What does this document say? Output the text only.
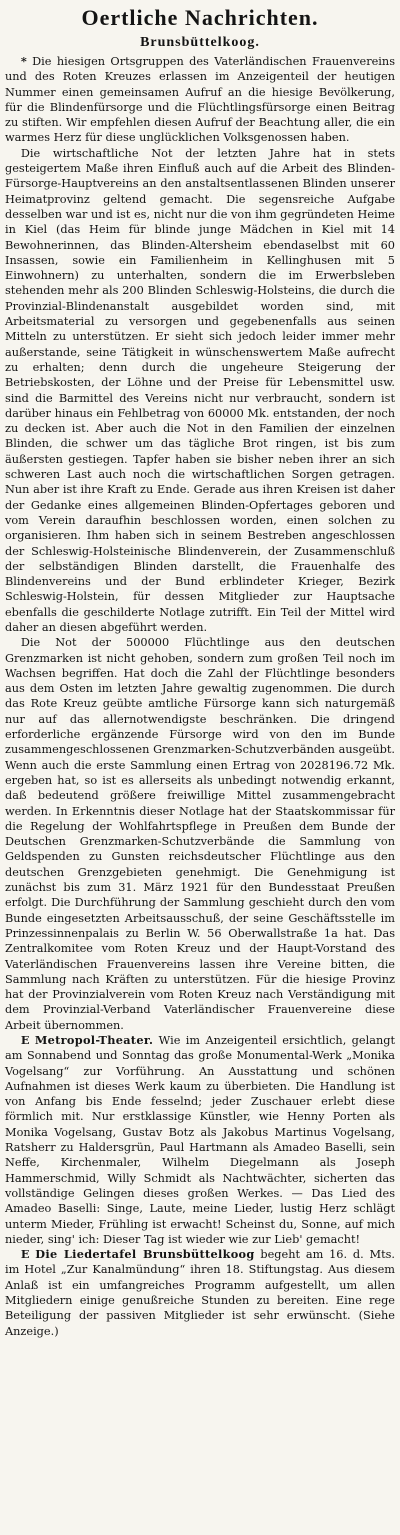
Oertliche Nachrichten.
Brunsbüttelkoog.

* Die hiesigen Ortsgruppen des Vaterländischen Frauenvereins und des Roten Kreuzes erlassen im Anzeigenteil der heutigen Nummer einen gemeinsamen Aufruf an die hiesige Bevölkerung, für die Blindenfürsorge und die Flüchtlingsfürsorge einen Beitrag zu stiften. Wir empfehlen diesen Aufruf der Beachtung aller, die ein warmes Herz für diese unglücklichen Volksgenossen haben.

Die wirtschaftliche Not der letzten Jahre hat in stets gesteigertem Maße ihren Einfluß auch auf die Arbeit des Blinden-Fürsorge-Hauptvereins an den anstaltsentlassenen Blinden unserer Heimatprovinz geltend gemacht. Die segensreiche Aufgabe desselben war und ist es, nicht nur die von ihm gegründeten Heime in Kiel (das Heim für blinde junge Mädchen in Kiel mit 14 Bewohnerinnen, das Blinden-Altersheim ebendaselbst mit 60 Insassen, sowie ein Familienheim in Kellinghusen mit 5 Einwohnern) zu unterhalten, sondern die im Erwerbsleben stehenden mehr als 200 Blinden Schleswig-Holsteins, die durch die Provinzial-Blindenanstalt ausgebildet worden sind, mit Arbeitsmaterial zu versorgen und gegebenenfalls aus seinen Mitteln zu unterstützen. Er sieht sich jedoch leider immer mehr außerstande, seine Tätigkeit in wünschenswertem Maße aufrecht zu erhalten; denn durch die ungeheure Steigerung der Betriebskosten, der Löhne und der Preise für Lebensmittel usw. sind die Barmittel des Vereins nicht nur verbraucht, sondern ist darüber hinaus ein Fehlbetrag von 60000 Mk. entstanden, der noch zu decken ist. Aber auch die Not in den Familien der einzelnen Blinden, die schwer um das tägliche Brot ringen, ist bis zum äußersten gestiegen. Tapfer haben sie bisher neben ihrer an sich schweren Last auch noch die wirtschaftlichen Sorgen getragen. Nun aber ist ihre Kraft zu Ende. Gerade aus ihren Kreisen ist daher der Gedanke eines allgemeinen Blinden-Opfertages geboren und vom Verein daraufhin beschlossen worden, einen solchen zu organisieren. Ihm haben sich in seinem Bestreben angeschlossen der Schleswig-Holsteinische Blindenverein, der Zusammenschluß der selbständigen Blinden darstellt, die Frauenhalfe des Blindenvereins und der Bund erblindeter Krieger, Bezirk Schleswig-Holstein, für dessen Mitglieder zur Hauptsache ebenfalls die geschilderte Notlage zutrifft. Ein Teil der Mittel wird daher an diesen abgeführt werden.

Die Not der 500000 Flüchtlinge aus den deutschen Grenzmarken ist nicht gehoben, sondern zum großen Teil noch im Wachsen begriffen. Hat doch die Zahl der Flüchtlinge besonders aus dem Osten im letzten Jahre gewaltig zugenommen. Die durch das Rote Kreuz geübte amtliche Fürsorge kann sich naturgemäß nur auf das allernotwendigste beschränken. Die dringend erforderliche ergänzende Fürsorge wird von den im Bunde zusammengeschlossenen Grenzmarken-Schutzverbänden ausgeübt. Wenn auch die erste Sammlung einen Ertrag von 2028196.72 Mk. ergeben hat, so ist es allerseits als unbedingt notwendig erkannt, daß bedeutend größere freiwillige Mittel zusammengebracht werden. In Erkenntnis dieser Notlage hat der Staatskommissar für die Regelung der Wohlfahrtspflege in Preußen dem Bunde der Deutschen Grenzmarken-Schutzverbände die Sammlung von Geldspenden zu Gunsten reichsdeutscher Flüchtlinge aus den deutschen Grenzgebieten genehmigt. Die Genehmigung ist zunächst bis zum 31. März 1921 für den Bundesstaat Preußen erfolgt. Die Durchführung der Sammlung geschieht durch den vom Bunde eingesetzten Arbeitsausschuß, der seine Geschäftsstelle im Prinzessinnenpalais zu Berlin W. 56 Oberwallstraße 1a hat. Das Zentralkomitee vom Roten Kreuz und der Haupt-Vorstand des Vaterländischen Frauenvereins lassen ihre Vereine bitten, die Sammlung nach Kräften zu unterstützen. Für die hiesige Provinz hat der Provinzialverein vom Roten Kreuz nach Verständigung mit dem Provinzial-Verband Vaterländischer Frauenvereine diese Arbeit übernommen.

E Metropol-Theater. Wie im Anzeigenteil ersichtlich, gelangt am Sonnabend und Sonntag das große Monumental-Werk „Monika Vogelsang“ zur Vorführung. An Ausstattung und schönen Aufnahmen ist dieses Werk kaum zu überbieten. Die Handlung ist von Anfang bis Ende fesselnd; jeder Zuschauer erlebt diese förmlich mit. Nur erstklassige Künstler, wie Henny Porten als Monika Vogelsang, Gustav Botz als Jakobus Martinus Vogelsang, Ratsherr zu Haldersgrün, Paul Hartmann als Amadeo Baselli, sein Neffe, Kirchenmaler, Wilhelm Diegelmann als Joseph Hammerschmid, Willy Schmidt als Nachtwächter, sicherten das vollständige Gelingen dieses großen Werkes. — Das Lied des Amadeo Baselli: Singe, Laute, meine Lieder, lustig Herz schlägt unterm Mieder, Frühling ist erwacht! Scheinst du, Sonne, auf mich nieder, sing' ich: Dieser Tag ist wieder wie zur Lieb' gemacht!

E Die Liedertafel Brunsbüttelkoog begeht am 16. d. Mts. im Hotel „Zur Kanalmündung“ ihren 18. Stiftungstag. Aus diesem Anlaß ist ein umfangreiches Programm aufgestellt, um allen Mitgliedern einige genußreiche Stunden zu bereiten. Eine rege Beteiligung der passiven Mitglieder ist sehr erwünscht. (Siehe Anzeige.)
